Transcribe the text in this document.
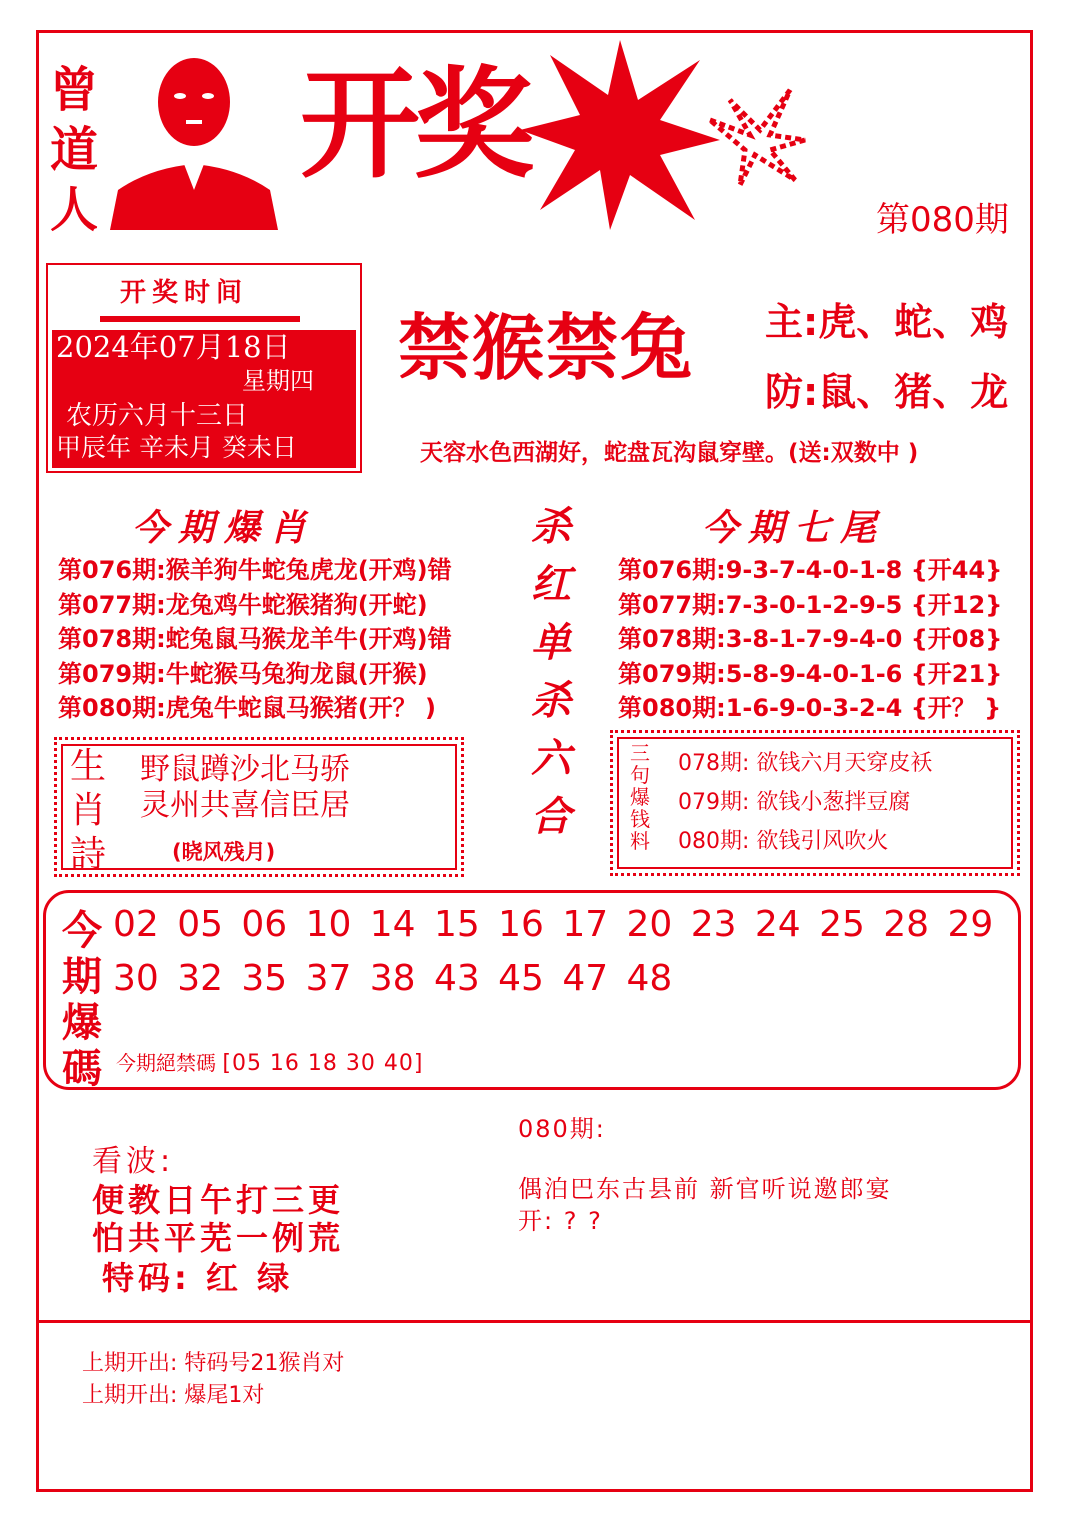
曾
道
人
开奖
第080期
开奖时间
2024年07月18日
星期四
农历六月十三日
甲辰年 辛未月 癸未日
禁猴禁兔 主:虎、蛇、鸡
防:鼠、猪、龙
天容水色西湖好，蛇盘瓦沟鼠穿壁。(送:双数中 )
今期爆肖
第076期:猴羊狗牛蛇兔虎龙(开鸡)错
第077期:龙兔鸡牛蛇猴猪狗(开蛇)
第078期:蛇兔鼠马猴龙羊牛(开鸡)错
第079期:牛蛇猴马兔狗龙鼠(开猴)
第080期:虎兔牛蛇鼠马猴猪(开？ )
杀
红
单
杀
六
合
今期七尾
第076期:9-3-7-4-0-1-8 {开44}
第077期:7-3-0-1-2-9-5 {开12}
第078期:3-8-1-7-9-4-0 {开08}
第079期:5-8-9-4-0-1-6 {开21}
第080期:1-6-9-0-3-2-4 {开？ }
生
肖
詩
野鼠蹲沙北马骄
灵州共喜信臣居
(晓风残月)
三
句
爆
钱
料
078期: 欲钱六月天穿皮袄
079期: 欲钱小葱拌豆腐
080期: 欲钱引风吹火
今
期
爆
碼
02 05 06 10 14 15 16 17 20 23 24 25 28 2930 32 35 37 38 43 45 47 48
今期絕禁碼 [05 16 18 30 40]
看波:
便教日午打三更
怕共平芜一例荒
特码: 红 绿
080期:
偶泊巴东古县前 新官听说邀郎宴
开: ? ?
上期开出: 特码号21猴肖对
上期开出: 爆尾1对
